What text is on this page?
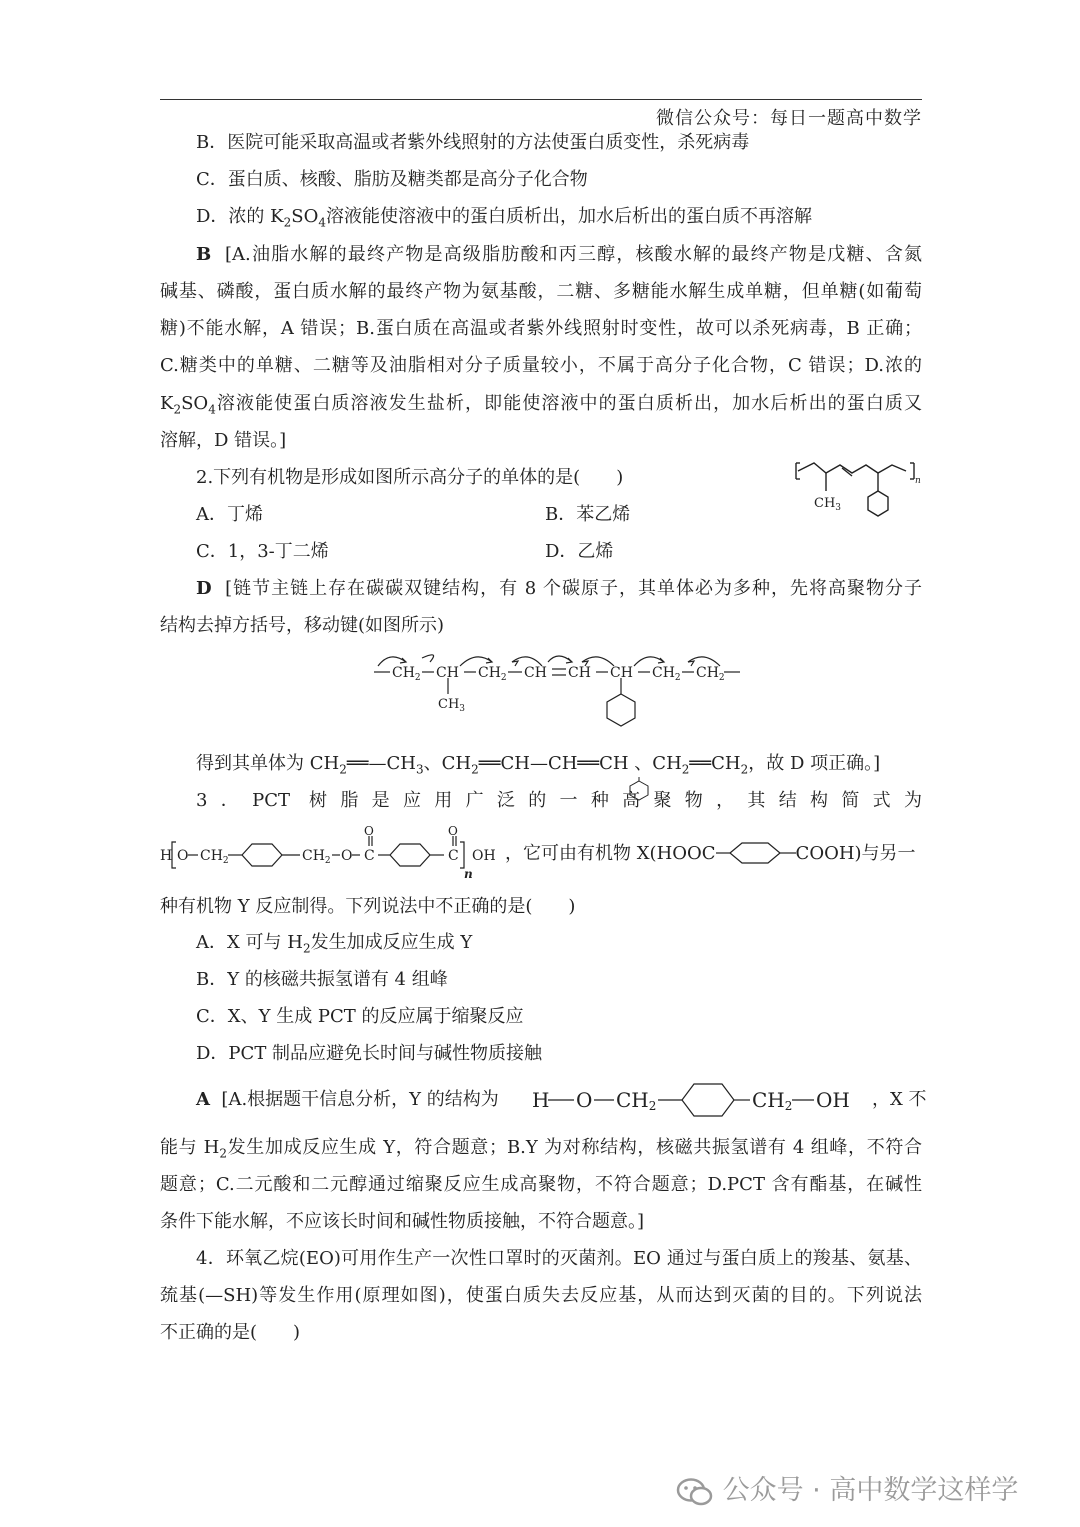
微信公众号：每日一题高中数学
B．医院可能采取高温或者紫外线照射的方法使蛋白质变性，杀死病毒
C．蛋白质、核酸、脂肪及糖类都是高分子化合物
D．浓的 $K_2SO_4$溶液能使溶液中的蛋白质析出，加水后析出的蛋白质不再溶解
B [A.油脂水解的最终产物是高级脂肪酸和丙三醇，核酸水解的最终产物是戊糖、含氮
碱基、磷酸，蛋白质水解的最终产物为氨基酸，二糖、多糖能水解生成单糖，但单糖(如葡萄
糖)不能水解，A 错误；B.蛋白质在高温或者紫外线照射时变性，故可以杀死病毒，B 正确；
C.糖类中的单糖、二糖等及油脂相对分子质量较小，不属于高分子化合物，C 错误；D.浓的
$K_2SO_4$溶液能使蛋白质溶液发生盐析，即能使溶液中的蛋白质析出，加水后析出的蛋白质又
溶解，D 错误。]
2.下列有机物是形成如图所示高分子的单体的是(　　)
$CH_3$
n
A．丁烯	B．苯乙烯
C．1，3-丁二烯	D．乙烯
D [链节主链上存在碳碳双键结构，有 8 个碳原子，其单体必为多种，先将高聚物分子
结构去掉方括号，移动键(如图所示)
$CH_2$ CH $CH_2$ CH CH CH $CH_2$ $CH_2$
$CH_3$
得到其单体为 $CH_2══—CH_3$、$CH_2══CH—CH══CH$ 、$CH_2══CH_2$，故 D 项正确。]
3．PCT 树脂是应用广泛的一种高聚物，其结构简式为
H O $CH_2$	$CH_2$ O C
O
C
O
OH
n
，它可由有机物 X(HOOC	COOH)与另一
种有机物 Y 反应制得。下列说法中不正确的是(　　)
A．X 可与 $H_2$发生加成反应生成 Y
B．Y 的核磁共振氢谱有 4 组峰
C．X、Y 生成 PCT 的反应属于缩聚反应
D．PCT 制品应避免长时间与碱性物质接触
A [A.根据题干信息分析，Y 的结构为 H O CH2	CH2 OH ，X 不
能与 $H_2$发生加成反应生成 Y，符合题意；B.Y 为对称结构，核磁共振氢谱有 4 组峰，不符合
题意；C.二元酸和二元醇通过缩聚反应生成高聚物，不符合题意；D.PCT 含有酯基，在碱性
条件下能水解，不应该长时间和碱性物质接触，不符合题意。]
4．环氧乙烷(EO)可用作生产一次性口罩时的灭菌剂。EO 通过与蛋白质上的羧基、氨基、
巯基(—SH)等发生作用(原理如图)，使蛋白质失去反应基，从而达到灭菌的目的。下列说法
不正确的是(　　)
公众号 · 高中数学这样学
